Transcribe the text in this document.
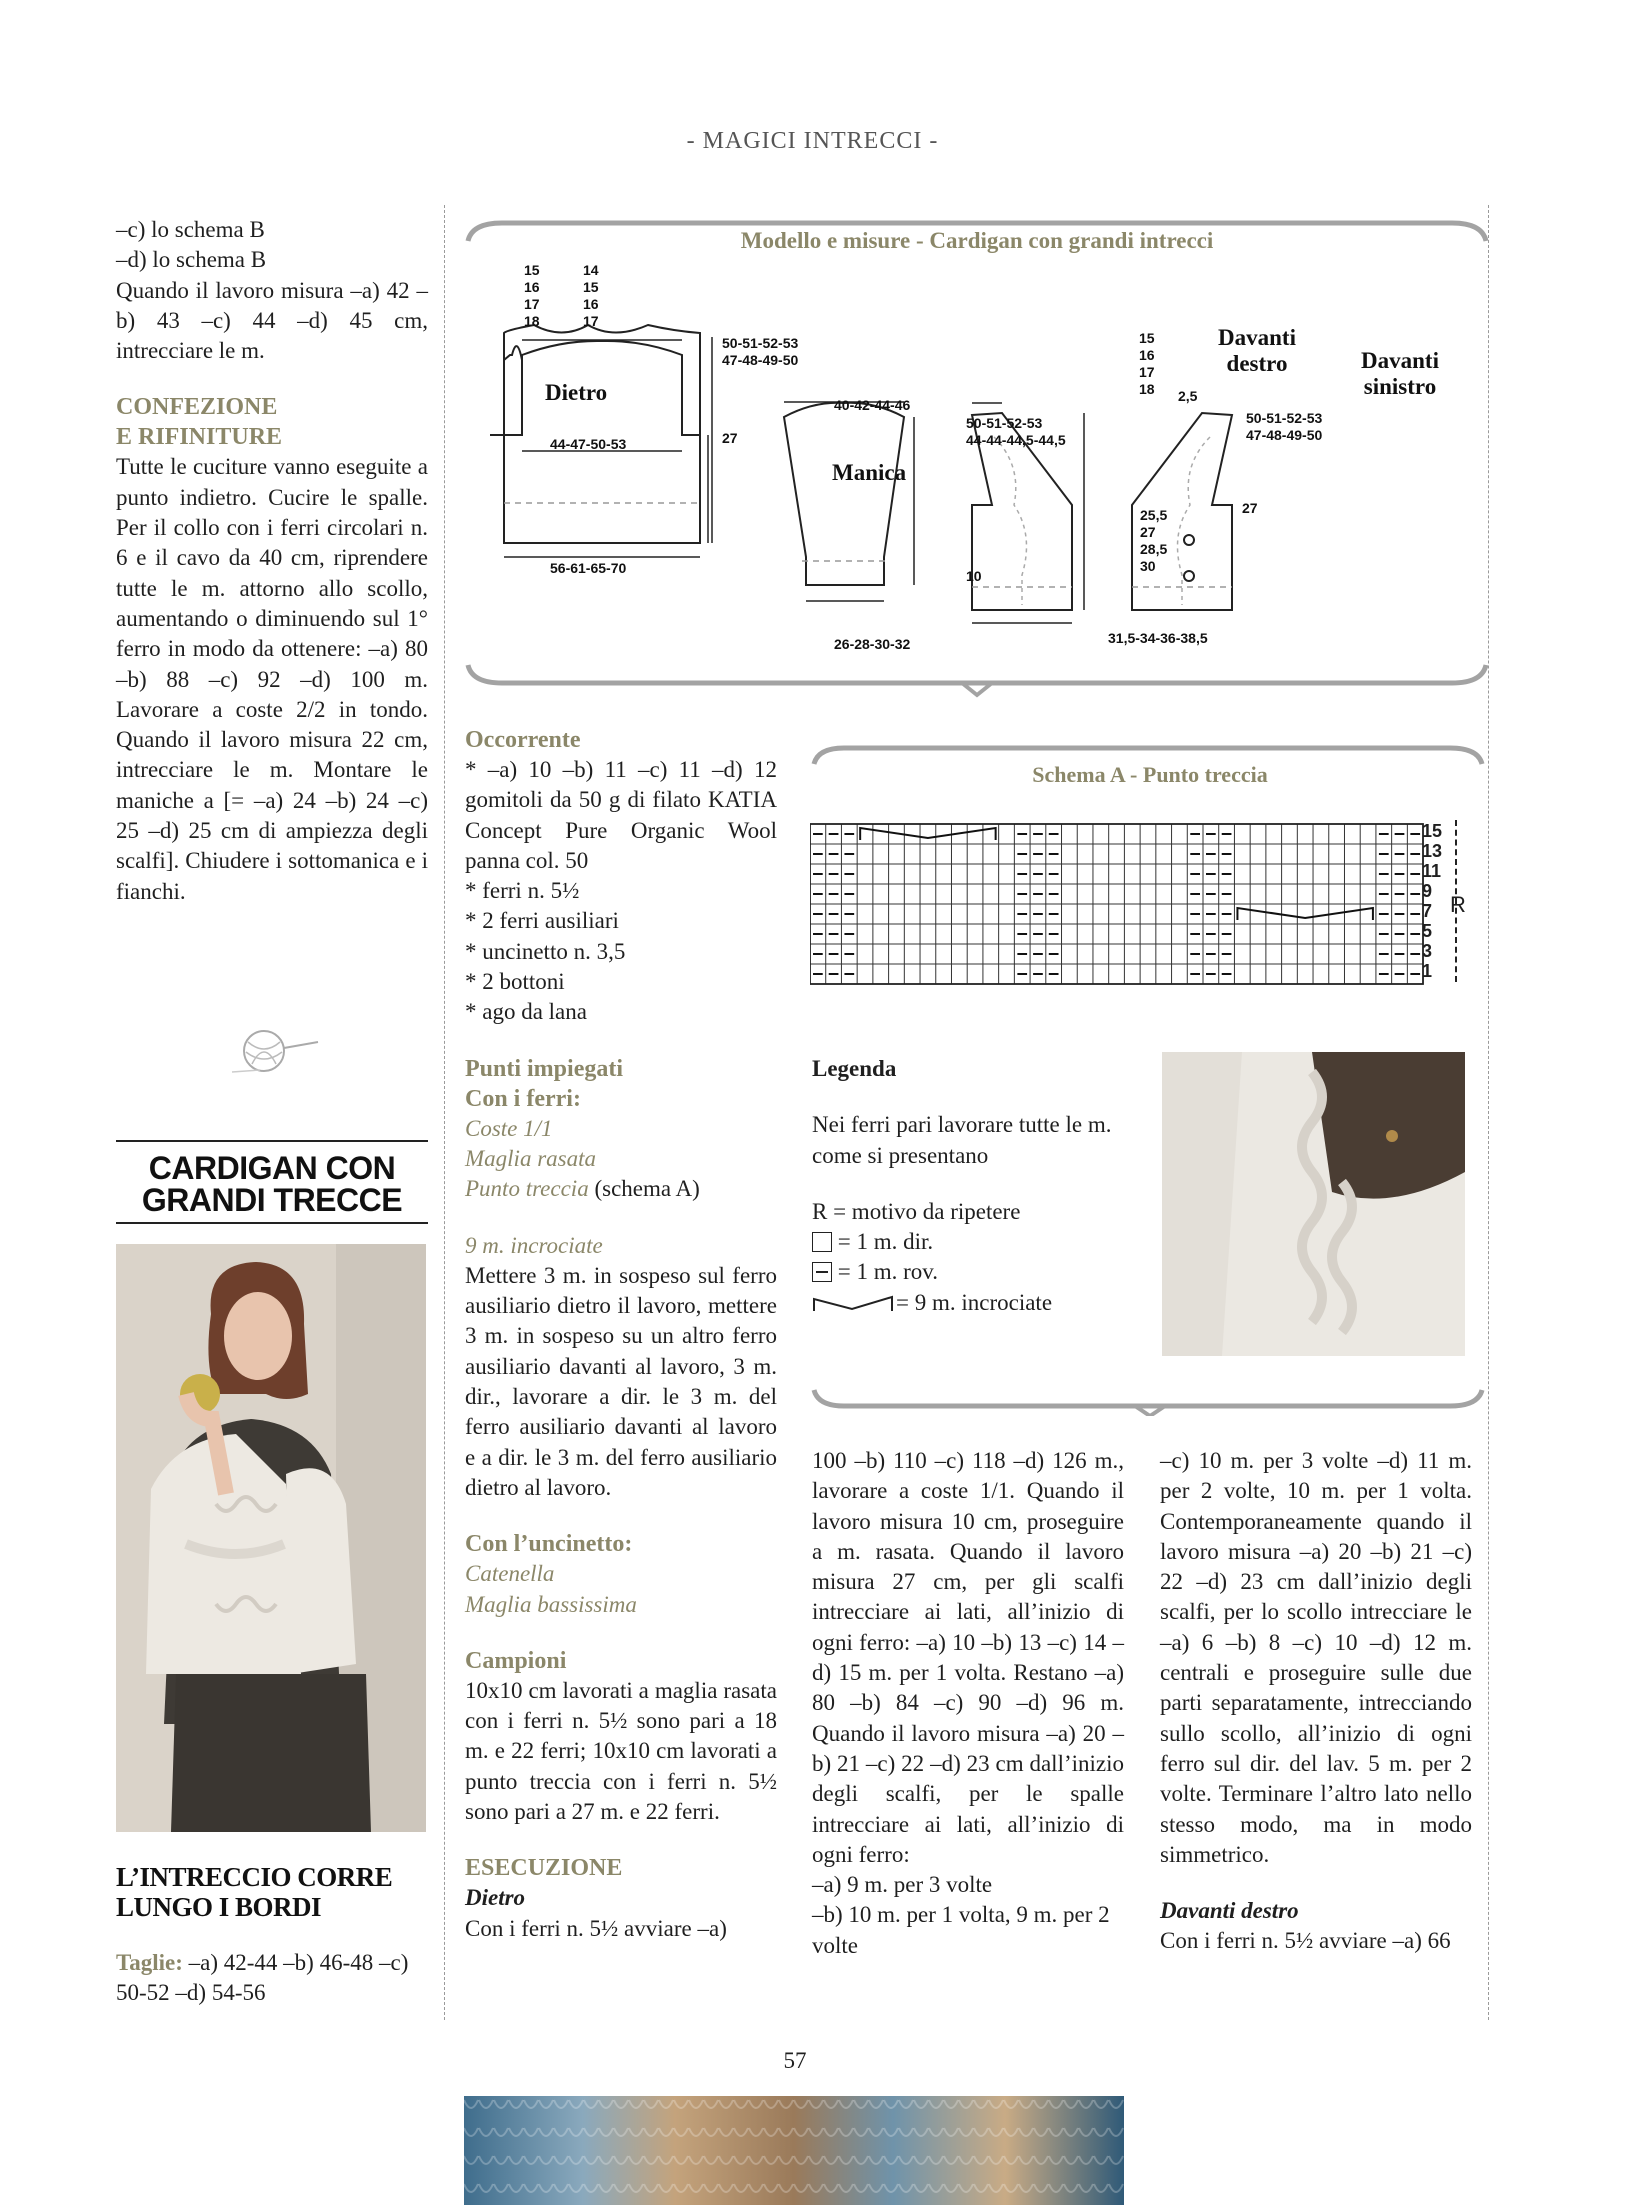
- MAGICI INTRECCI -

–c) lo schema B

–d) lo schema B

Quando il lavoro misura –a) 42 –b) 43 –c) 44 –d) 45 cm, intrecciare le m.

CONFEZIONE

E RIFINITURE

Tutte le cuciture vanno eseguite a punto indietro. Cucire le spalle. Per il collo con i ferri circolari n. 6 e il cavo da 40 cm, riprendere tutte le m. attorno allo scollo, aumentando o diminuendo sul 1° ferro in modo da ottenere: –a) 80 –b) 88 –c) 92 –d) 100 m. Lavorare a coste 2/2 in tondo. Quando il lavoro misura 22 cm, intrecciare le m. Montare le maniche a [= –a) 24 –b) 24 –c) 25 –d) 25 cm di ampiezza degli scalfi]. Chiudere i sottomanica e i fianchi.

CARDIGAN CON
GRANDI TRECCE

L’INTRECCIO CORRE

LUNGO I BORDI

Taglie: –a) 42-44 –b) 46-48 –c) 50-52 –d) 54-56

Modello e misure - Cardigan con grandi intrecci
Dietro
Manica
Davanti
destro	Davanti
sinistro
15
16
17
18
14
15
16
17
50-51-52-53
47-48-49-50
44-47-50-53	27
56-61-65-70
40-42-44-46
50-51-52-53
44-44-44,5-44,5
10
26-28-30-32
15
16
17
18 2,5
50-51-52-53
47-48-49-50
25,5
27
28,5
30
27
31,5-34-36-38,5

Occorrente

* –a) 10 –b) 11 –c) 11 –d) 12 gomitoli da 50 g di filato KATIA Concept Pure Organic Wool panna col. 50

* ferri n. 5½

* 2 ferri ausiliari

* uncinetto n. 3,5

* 2 bottoni

* ago da lana

Punti impiegati

Con i ferri:

Coste 1/1

Maglia rasata

Punto treccia (schema A)

9 m. incrociate

Mettere 3 m. in sospeso sul ferro ausiliario dietro il lavoro, mettere 3 m. in sospeso su un altro ferro ausiliario davanti al lavoro, 3 m. dir., lavorare a dir. le 3 m. del ferro ausiliario davanti al lavoro e a dir. le 3 m. del ferro ausiliario dietro al lavoro.

Con l’uncinetto:

Catenella

Maglia bassissima

Campioni

10x10 cm lavorati a maglia rasata con i ferri n. 5½ sono pari a 18 m. e 22 ferri; 10x10 cm lavorati a punto treccia con i ferri n. 5½ sono pari a 27 m. e 22 ferri.

ESECUZIONE

Dietro

Con i ferri n. 5½ avviare –a)

Schema A - Punto treccia
15
13
11
9
7
5
3
1
R

Legenda

Nei ferri pari lavorare tutte le m. come si presentano

R = motivo da ripetere

= 1 m. dir.

= 1 m. rov.

= 9 m. incrociate

100 –b) 110 –c) 118 –d) 126 m., lavorare a coste 1/1. Quando il lavoro misura 10 cm, proseguire a m. rasata. Quando il lavoro misura 27 cm, per gli scalfi intrecciare ai lati, all’inizio di ogni ferro: –a) 10 –b) 13 –c) 14 –d) 15 m. per 1 volta. Restano –a) 80 –b) 84 –c) 90 –d) 96 m. Quando il lavoro misura –a) 20 –b) 21 –c) 22 –d) 23 cm dall’inizio degli scalfi, per le spalle intrecciare ai lati, all’inizio di ogni ferro:

–a) 9 m. per 3 volte

–b) 10 m. per 1 volta, 9 m. per 2 volte

–c) 10 m. per 3 volte –d) 11 m. per 2 volte, 10 m. per 1 volta. Contemporaneamente quando il lavoro misura –a) 20 –b) 21 –c) 22 –d) 23 cm dall’inizio degli scalfi, per lo scollo intrecciare le –a) 6 –b) 8 –c) 10 –d) 12 m. centrali e proseguire sulle due parti separatamente, intrecciando sullo scollo, all’inizio di ogni ferro sul dir. del lav. 5 m. per 2 volte. Terminare l’altro lato nello stesso modo, ma in modo simmetrico.

Davanti destro

Con i ferri n. 5½ avviare –a) 66

57
